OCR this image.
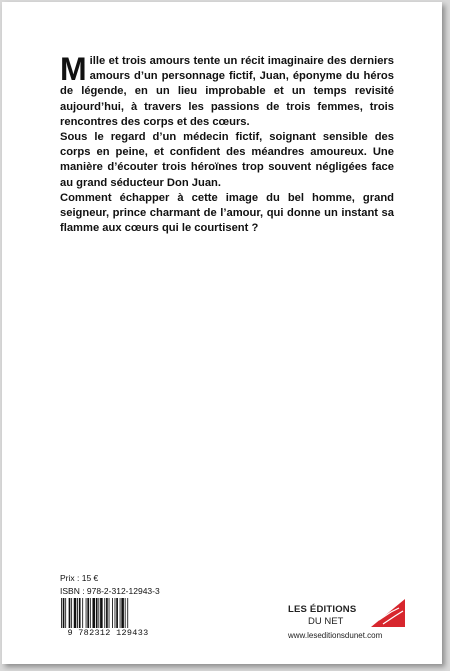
M ille et trois amours tente un récit imaginaire des derniers amours d’un personnage fictif, Juan, éponyme du héros de légende, en un lieu improbable et un temps revisité aujourd’hui, à travers les passions de trois femmes, trois rencontres des corps et des cœurs.

Sous le regard d’un médecin fictif, soignant sensible des corps en peine, et confident des méandres amoureux. Une manière d’écouter trois héroïnes trop souvent négligées face au grand séducteur Don Juan.

Comment échapper à cette image du bel homme, grand seigneur, prince charmant de l’amour, qui donne un instant sa flamme aux cœurs qui le courtisent ?

Prix : 15 €
ISBN : 978-2-312-12943-3
9 782312 129433
LES ÉDITIONS
DU NET
www.leseditionsdunet.com
